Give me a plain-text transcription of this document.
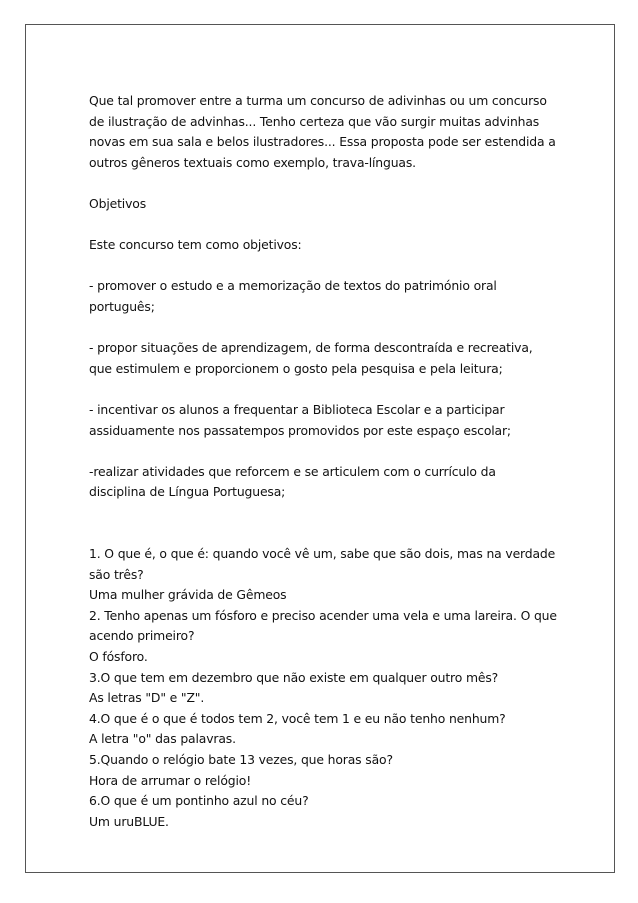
Que tal promover entre a turma um concurso de adivinhas ou um concurso

de ilustração de advinhas... Tenho certeza que vão surgir muitas advinhas

novas em sua sala e belos ilustradores... Essa proposta pode ser estendida a

outros gêneros textuais como exemplo, trava-línguas.

Objetivos

Este concurso tem como objetivos:

- promover o estudo e a memorização de textos do património oral

português;

- propor situações de aprendizagem, de forma descontraída e recreativa,

que estimulem e proporcionem o gosto pela pesquisa e pela leitura;

- incentivar os alunos a frequentar a Biblioteca Escolar e a participar

assiduamente nos passatempos promovidos por este espaço escolar;

-realizar atividades que reforcem e se articulem com o currículo da

disciplina de Língua Portuguesa;

1. O que é, o que é: quando você vê um, sabe que são dois, mas na verdade

são três?

Uma mulher grávida de Gêmeos

2. Tenho apenas um fósforo e preciso acender uma vela e uma lareira. O que

acendo primeiro?

O fósforo.

3.O que tem em dezembro que não existe em qualquer outro mês?

As letras "D" e "Z".

4.O que é o que é todos tem 2, você tem 1 e eu não tenho nenhum?

A letra "o" das palavras.

5.Quando o relógio bate 13 vezes, que horas são?

Hora de arrumar o relógio!

6.O que é um pontinho azul no céu?

Um uruBLUE.
